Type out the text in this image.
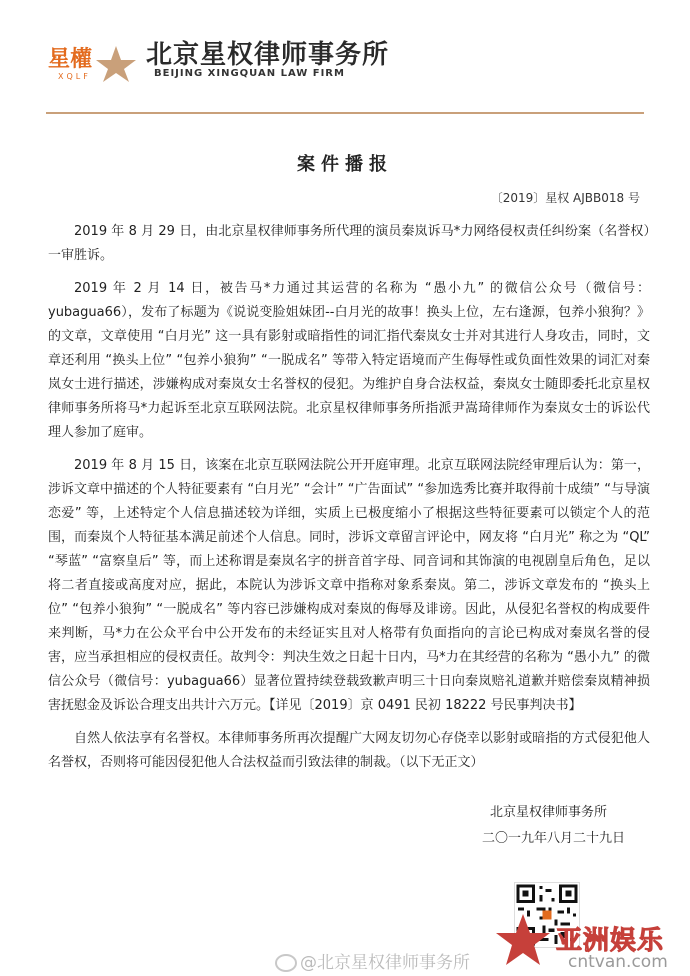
星權
XQLF
北京星权律师事务所
BEIJING XINGQUAN LAW FIRM
案件播报
〔2019〕星权 AJBB018 号

2019 年 8 月 29 日，由北京星权律师事务所代理的演员秦岚诉马*力网络侵权责任纠纷案（名誉权）一审胜诉。

2019 年 2 月 14 日，被告马*力通过其运营的名称为 “愚小九” 的微信公众号（微信号：yubagua66），发布了标题为《说说变脸姐妹团--白月光的故事！换头上位，左右逢源，包养小狼狗？》的文章，文章使用 “白月光” 这一具有影射或暗指性的词汇指代秦岚女士并对其进行人身攻击，同时，文章还利用 “换头上位” “包养小狼狗” “一脱成名” 等带入特定语境而产生侮辱性或负面性效果的词汇对秦岚女士进行描述，涉嫌构成对秦岚女士名誉权的侵犯。为维护自身合法权益，秦岚女士随即委托北京星权律师事务所将马*力起诉至北京互联网法院。北京星权律师事务所指派尹嵩琦律师作为秦岚女士的诉讼代理人参加了庭审。

2019 年 8 月 15 日，该案在北京互联网法院公开开庭审理。北京互联网法院经审理后认为：第一，涉诉文章中描述的个人特征要素有 “白月光” “会计” “广告面试” “参加选秀比赛并取得前十成绩” “与导演恋爱” 等，上述特定个人信息描述较为详细，实质上已极度缩小了根据这些特征要素可以锁定个人的范围，而秦岚个人特征基本满足前述个人信息。同时，涉诉文章留言评论中，网友将 “白月光” 称之为 “QL” “琴蓝” “富察皇后” 等，而上述称谓是秦岚名字的拼音首字母、同音词和其饰演的电视剧皇后角色，足以将二者直接或高度对应，据此，本院认为涉诉文章中指称对象系秦岚。第二，涉诉文章发布的 “换头上位” “包养小狼狗” “一脱成名” 等内容已涉嫌构成对秦岚的侮辱及诽谤。因此，从侵犯名誉权的构成要件来判断，马*力在公众平台中公开发布的未经证实且对人格带有负面指向的言论已构成对秦岚名誉的侵害，应当承担相应的侵权责任。故判令：判决生效之日起十日内，马*力在其经营的名称为 “愚小九” 的微信公众号（微信号：yubagua66）显著位置持续登载致歉声明三十日向秦岚赔礼道歉并赔偿秦岚精神损害抚慰金及诉讼合理支出共计六万元。【详见〔2019〕京 0491 民初 18222 号民事判决书】

自然人依法享有名誉权。本律师事务所再次提醒广大网友切勿心存侥幸以影射或暗指的方式侵犯他人名誉权，否则将可能因侵犯他人合法权益而引致法律的制裁。（以下无正文）

北京星权律师事务所
二〇一九年八月二十九日
@北京星权律师事务所
亚洲娱乐
cntvan.com
